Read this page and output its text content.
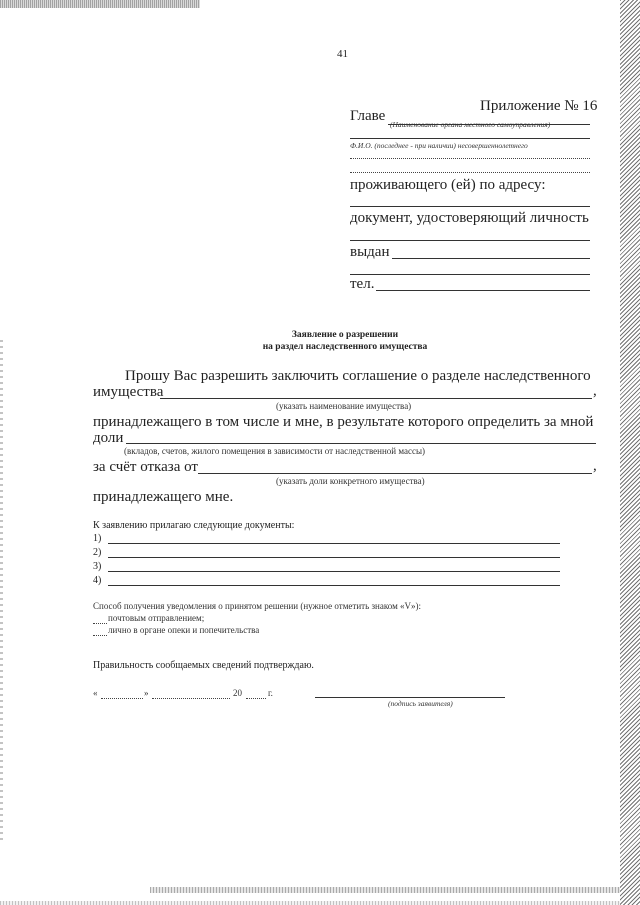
41
Приложение № 16
Главе
(Наименование органа местного самоуправления)
Ф.И.О. (последнее - при наличии) несовершеннолетнего
проживающего (ей) по адресу:
документ, удостоверяющий личность
выдан
тел.
Заявление о разрешении
на раздел наследственного имущества
Прошу Вас разрешить заключить соглашение о разделе наследственного
имущества	,
(указать наименование имущества)
принадлежащего в том числе и мне, в результате которого определить за мной
доли
(вкладов, счетов, жилого помещения в зависимости от наследственной массы)
за счёт отказа от	,
(указать доли конкретного имущества)
принадлежащего мне.
К заявлению прилагаю следующие документы:
1)
2)
3)
4)
Способ получения уведомления о принятом решении (нужное отметить знаком «V»):
почтовым отправлением;
лично в органе опеки и попечительства
Правильность сообщаемых сведений подтверждаю.
«	»	20	г.
(подпись заявителя)
